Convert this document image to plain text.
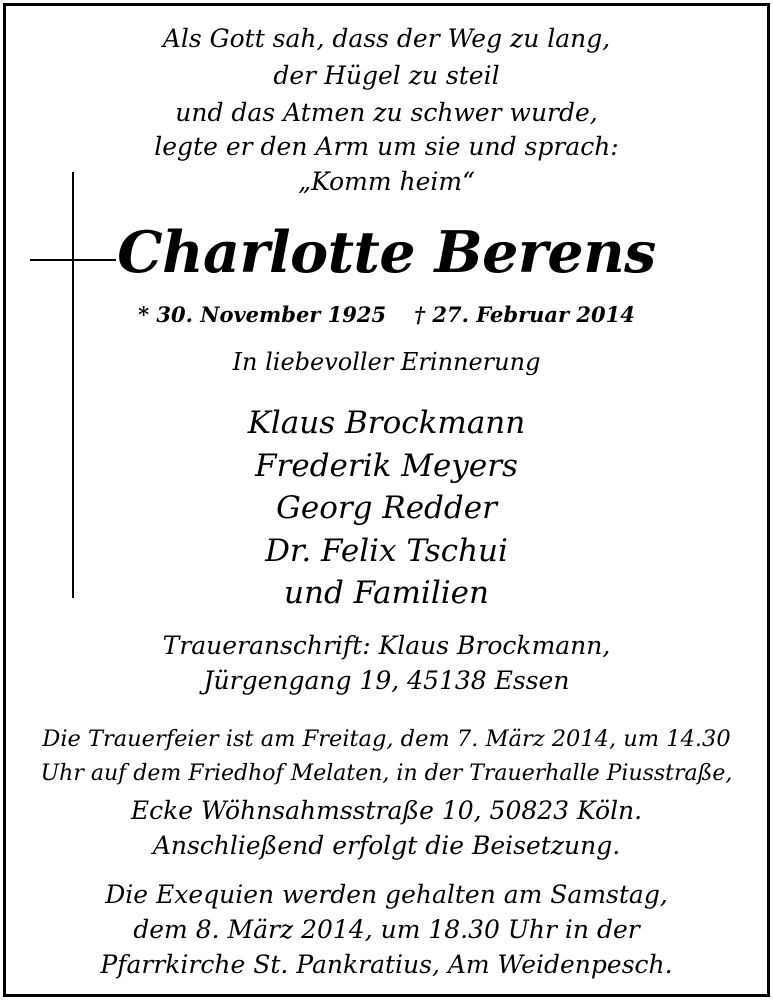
Als Gott sah, dass der Weg zu lang,
der Hügel zu steil
und das Atmen zu schwer wurde,
legte er den Arm um sie und sprach:
„Komm heim“
Charlotte Berens
* 30. November 1925 † 27. Februar 2014
In liebevoller Erinnerung
Klaus Brockmann
Frederik Meyers
Georg Redder
Dr. Felix Tschui
und Familien
Traueranschrift: Klaus Brockmann,
Jürgengang 19, 45138 Essen
Die Trauerfeier ist am Freitag, dem 7. März 2014, um 14.30
Uhr auf dem Friedhof Melaten, in der Trauerhalle Piusstraße,
Ecke Wöhnsahmsstraße 10, 50823 Köln.
Anschließend erfolgt die Beisetzung.
Die Exequien werden gehalten am Samstag,
dem 8. März 2014, um 18.30 Uhr in der
Pfarrkirche St. Pankratius, Am Weidenpesch.
